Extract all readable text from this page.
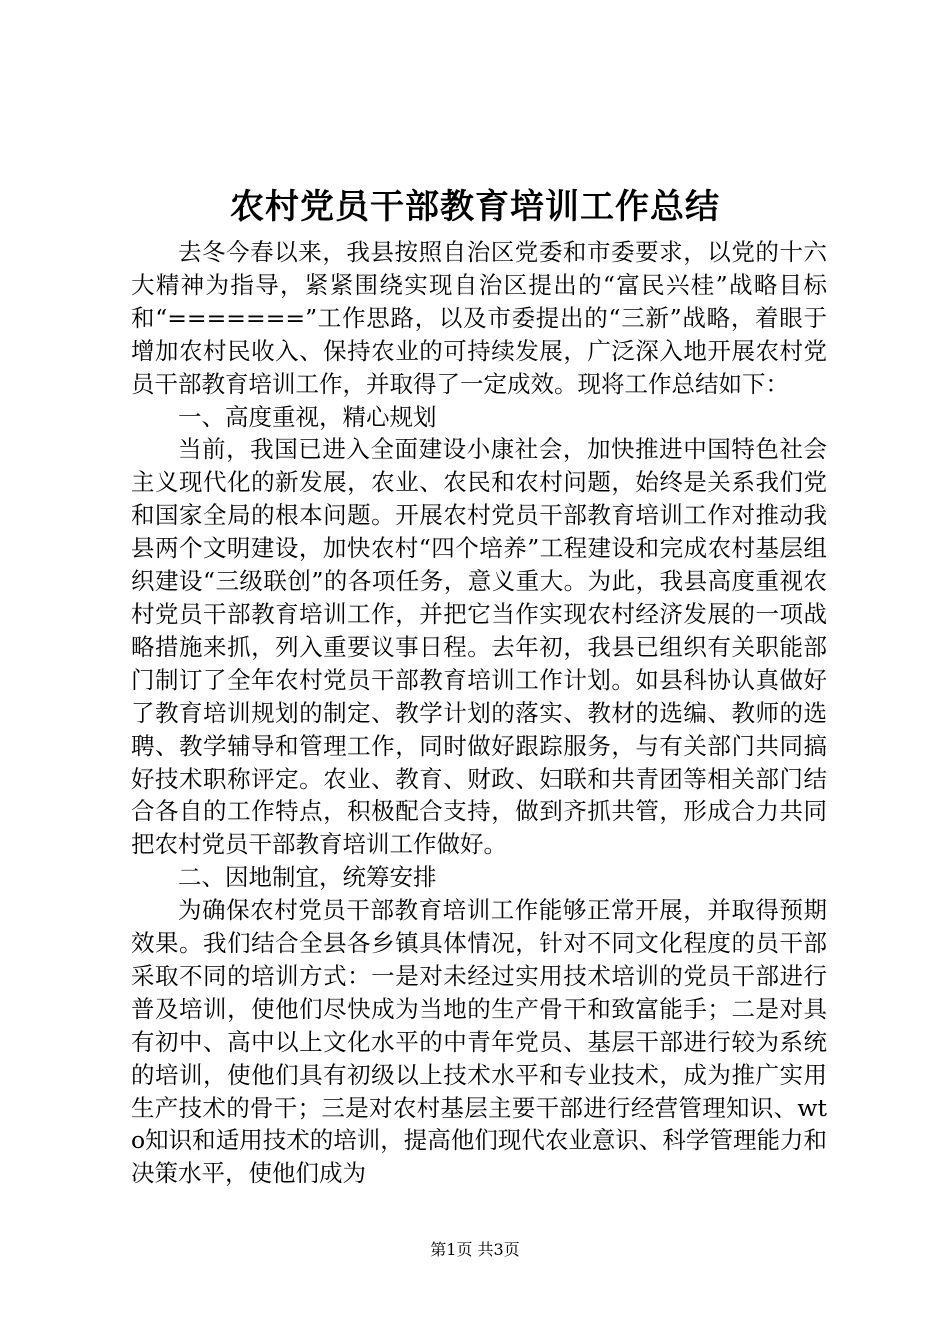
农村党员干部教育培训工作总结

去冬今春以来，我县按照自治区党委和市委要求，以党的十六大精神为指导，紧紧围绕实现自治区提出的“富民兴桂”战略目标和“=======”工作思路，以及市委提出的“三新”战略，着眼于增加农村民收入、保持农业的可持续发展，广泛深入地开展农村党员干部教育培训工作，并取得了一定成效。现将工作总结如下：

一、高度重视，精心规划

当前，我国已进入全面建设小康社会，加快推进中国特色社会主义现代化的新发展，农业、农民和农村问题，始终是关系我们党和国家全局的根本问题。开展农村党员干部教育培训工作对推动我县两个文明建设，加快农村“四个培养”工程建设和完成农村基层组织建设“三级联创”的各项任务，意义重大。为此，我县高度重视农村党员干部教育培训工作，并把它当作实现农村经济发展的一项战略措施来抓，列入重要议事日程。去年初，我县已组织有关职能部门制订了全年农村党员干部教育培训工作计划。如县科协认真做好了教育培训规划的制定、教学计划的落实、教材的选编、教师的选聘、教学辅导和管理工作，同时做好跟踪服务，与有关部门共同搞好技术职称评定。农业、教育、财政、妇联和共青团等相关部门结合各自的工作特点，积极配合支持，做到齐抓共管，形成合力共同把农村党员干部教育培训工作做好。

二、因地制宜，统筹安排

为确保农村党员干部教育培训工作能够正常开展，并取得预期效果。我们结合全县各乡镇具体情况，针对不同文化程度的员干部采取不同的培训方式：一是对未经过实用技术培训的党员干部进行普及培训，使他们尽快成为当地的生产骨干和致富能手；二是对具有初中、高中以上文化水平的中青年党员、基层干部进行较为系统的培训，使他们具有初级以上技术水平和专业技术，成为推广实用生产技术的骨干；三是对农村基层主要干部进行经营管理知识、wto知识和适用技术的培训，提高他们现代农业意识、科学管理能力和决策水平，使他们成为

第1页 共3页
